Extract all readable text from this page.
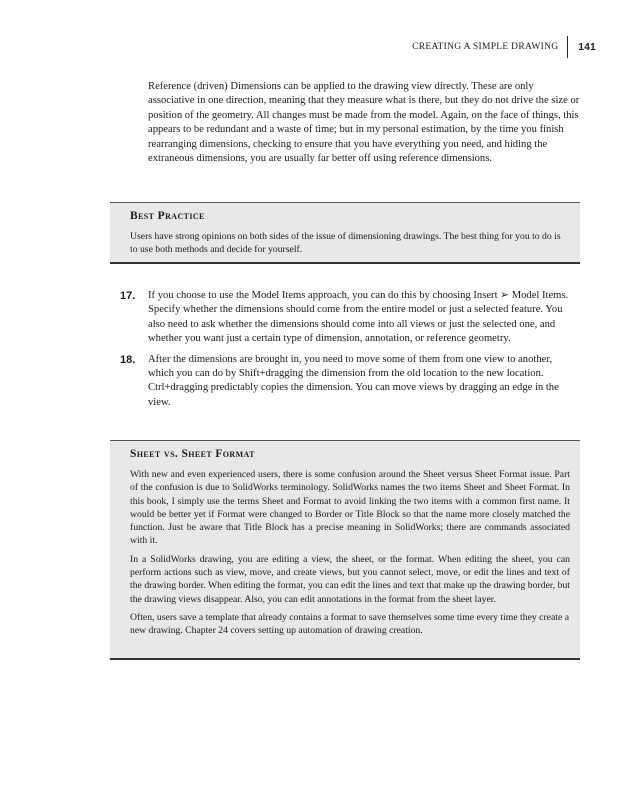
CREATING A SIMPLE DRAWING 141

Reference (driven) Dimensions can be applied to the drawing view directly. These are only associative in one direction, meaning that they measure what is there, but they do not drive the size or position of the geometry. All changes must be made from the model. Again, on the face of things, this appears to be redundant and a waste of time; but in my personal estimation, by the time you finish rearranging dimensions, checking to ensure that you have everything you need, and hiding the extraneous dimensions, you are usually far better off using reference dimensions.

Best Practice

Users have strong opinions on both sides of the issue of dimensioning drawings. The best thing for you to do is to use both methods and decide for yourself.

17.	If you choose to use the Model Items approach, you can do this by choosing Insert ➢ Model Items. Specify whether the dimensions should come from the entire model or just a selected feature. You also need to ask whether the dimensions should come into all views or just the selected one, and whether you want just a certain type of dimension, annotation, or reference geometry.
18.	After the dimensions are brought in, you need to move some of them from one view to another, which you can do by Shift+dragging the dimension from the old location to the new location. Ctrl+dragging predictably copies the dimension. You can move views by dragging an edge in the view.
Sheet vs. Sheet Format

With new and even experienced users, there is some confusion around the Sheet versus Sheet Format issue. Part of the confusion is due to SolidWorks terminology. SolidWorks names the two items Sheet and Sheet Format. In this book, I simply use the terms Sheet and Format to avoid linking the two items with a common first name. It would be better yet if Format were changed to Border or Title Block so that the name more closely matched the function. Just be aware that Title Block has a precise meaning in SolidWorks; there are commands associated with it.

In a SolidWorks drawing, you are editing a view, the sheet, or the format. When editing the sheet, you can perform actions such as view, move, and create views, but you cannot select, move, or edit the lines and text of the drawing border. When editing the format, you can edit the lines and text that make up the drawing border, but the drawing views disappear. Also, you can edit annotations in the format from the sheet layer.

Often, users save a template that already contains a format to save themselves some time every time they create a new drawing. Chapter 24 covers setting up automation of drawing creation.
